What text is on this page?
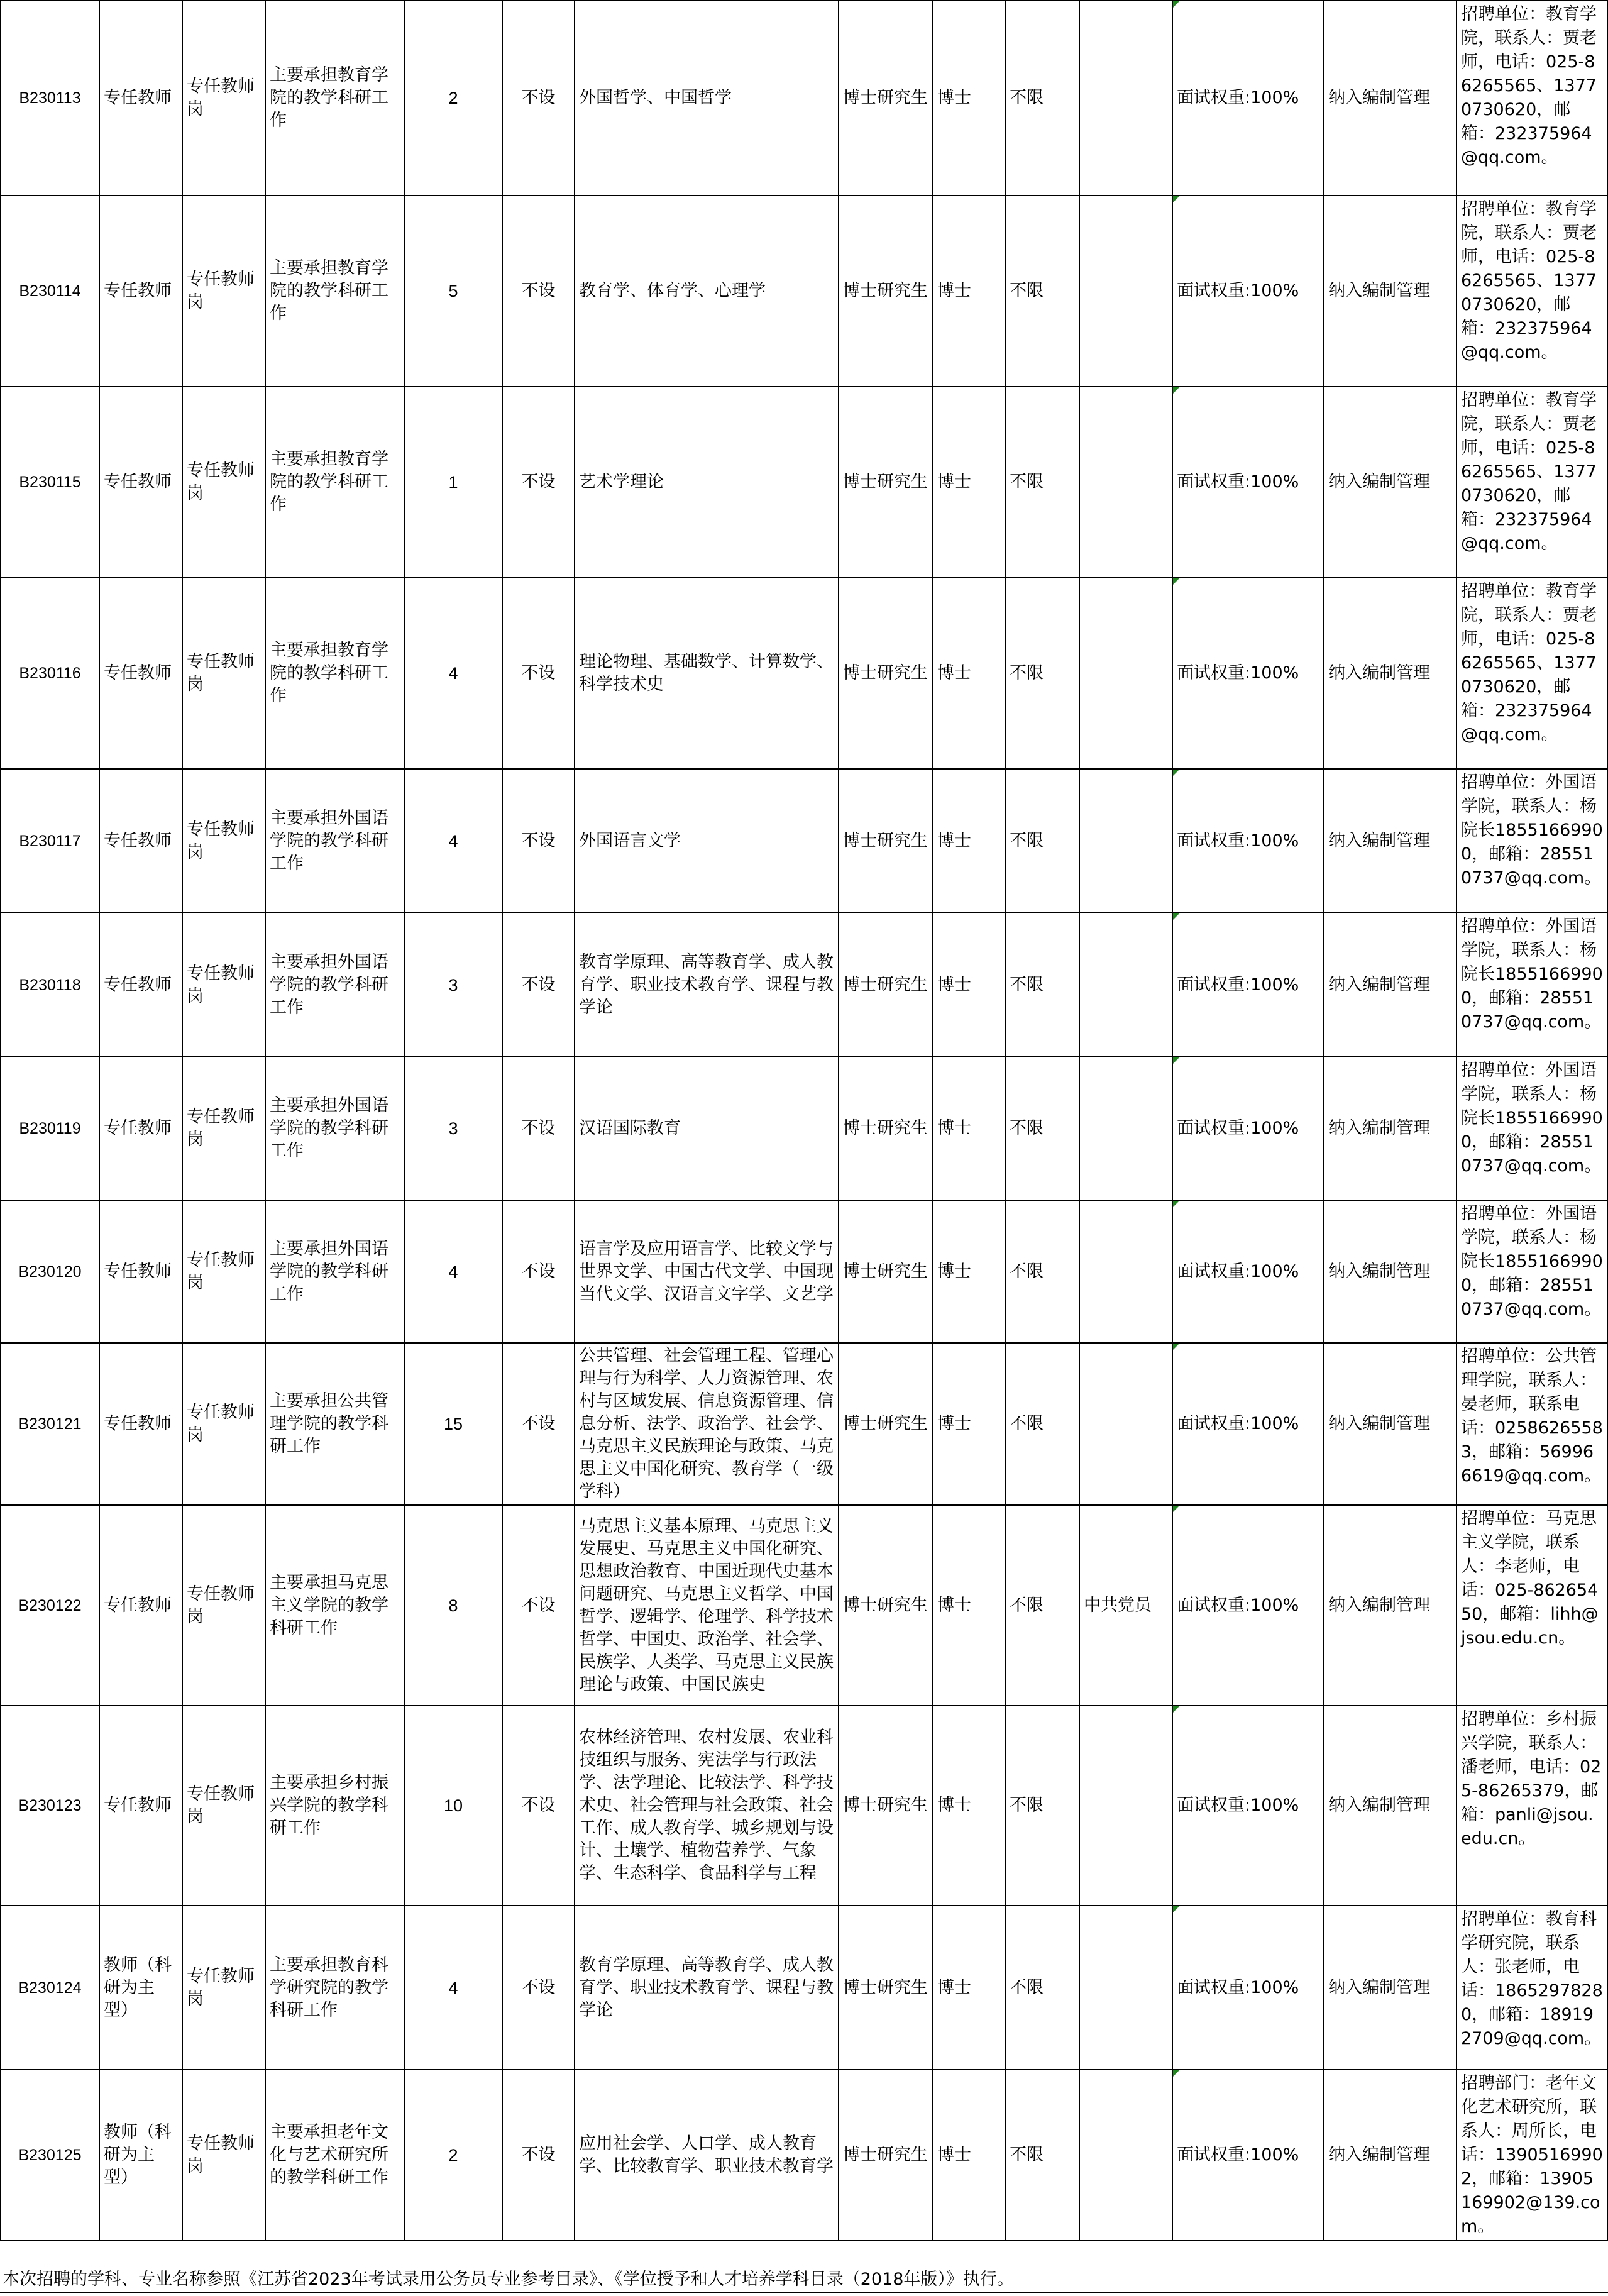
B230113	专任教师	专任教师岗	主要承担教育学院的教学科研工作	2	不设	外国哲学、中国哲学	博士研究生	博士	不限		面试权重:100%	纳入编制管理	招聘单位：教育学院，联系人：贾老师，电话：025-86265565、13770730620，邮箱：232375964@qq.com。
B230114	专任教师	专任教师岗	主要承担教育学院的教学科研工作	5	不设	教育学、体育学、心理学	博士研究生	博士	不限		面试权重:100%	纳入编制管理	招聘单位：教育学院，联系人：贾老师，电话：025-86265565、13770730620，邮箱：232375964@qq.com。
B230115	专任教师	专任教师岗	主要承担教育学院的教学科研工作	1	不设	艺术学理论	博士研究生	博士	不限		面试权重:100%	纳入编制管理	招聘单位：教育学院，联系人：贾老师，电话：025-86265565、13770730620，邮箱：232375964@qq.com。
B230116	专任教师	专任教师岗	主要承担教育学院的教学科研工作	4	不设	理论物理、基础数学、计算数学、科学技术史	博士研究生	博士	不限		面试权重:100%	纳入编制管理	招聘单位：教育学院，联系人：贾老师，电话：025-86265565、13770730620，邮箱：232375964@qq.com。
B230117	专任教师	专任教师岗	主要承担外国语学院的教学科研工作	4	不设	外国语言文学	博士研究生	博士	不限		面试权重:100%	纳入编制管理	招聘单位：外国语学院，联系人：杨院长18551669900，邮箱：285510737@qq.com。
B230118	专任教师	专任教师岗	主要承担外国语学院的教学科研工作	3	不设	教育学原理、高等教育学、成人教育学、职业技术教育学、课程与教学论	博士研究生	博士	不限		面试权重:100%	纳入编制管理	招聘单位：外国语学院，联系人：杨院长18551669900，邮箱：285510737@qq.com。
B230119	专任教师	专任教师岗	主要承担外国语学院的教学科研工作	3	不设	汉语国际教育	博士研究生	博士	不限		面试权重:100%	纳入编制管理	招聘单位：外国语学院，联系人：杨院长18551669900，邮箱：285510737@qq.com。
B230120	专任教师	专任教师岗	主要承担外国语学院的教学科研工作	4	不设	语言学及应用语言学、比较文学与世界文学、中国古代文学、中国现当代文学、汉语言文字学、文艺学	博士研究生	博士	不限		面试权重:100%	纳入编制管理	招聘单位：外国语学院，联系人：杨院长18551669900，邮箱：285510737@qq.com。
B230121	专任教师	专任教师岗	主要承担公共管理学院的教学科研工作	15	不设	公共管理、社会管理工程、管理心理与行为科学、人力资源管理、农村与区域发展、信息资源管理、信息分析、法学、政治学、社会学、马克思主义民族理论与政策、马克思主义中国化研究、教育学（一级学科）	博士研究生	博士	不限		面试权重:100%	纳入编制管理	招聘单位：公共管理学院，联系人：晏老师，联系电话：02586265583，邮箱：569966619@qq.com。
B230122	专任教师	专任教师岗	主要承担马克思主义学院的教学科研工作	8	不设	马克思主义基本原理、马克思主义发展史、马克思主义中国化研究、思想政治教育、中国近现代史基本问题研究、马克思主义哲学、中国哲学、逻辑学、伦理学、科学技术哲学、中国史、政治学、社会学、民族学、人类学、马克思主义民族理论与政策、中国民族史	博士研究生	博士	不限	中共党员	面试权重:100%	纳入编制管理	招聘单位：马克思主义学院，联系人：李老师，电话：025-86265450，邮箱：lihh@jsou.edu.cn。
B230123	专任教师	专任教师岗	主要承担乡村振兴学院的教学科研工作	10	不设	农林经济管理、农村发展、农业科技组织与服务、宪法学与行政法学、法学理论、比较法学、科学技术史、社会管理与社会政策、社会工作、成人教育学、城乡规划与设计、土壤学、植物营养学、气象学、生态科学、食品科学与工程	博士研究生	博士	不限		面试权重:100%	纳入编制管理	招聘单位：乡村振兴学院，联系人：潘老师，电话：025-86265379，邮箱：panli@jsou.edu.cn。
B230124	教师（科研为主型）	专任教师岗	主要承担教育科学研究院的教学科研工作	4	不设	教育学原理、高等教育学、成人教育学、职业技术教育学、课程与教学论	博士研究生	博士	不限		面试权重:100%	纳入编制管理	招聘单位：教育科学研究院，联系人：张老师，电话：18652978280，邮箱：189192709@qq.com。
B230125	教师（科研为主型）	专任教师岗	主要承担老年文化与艺术研究所的教学科研工作	2	不设	应用社会学、人口学、成人教育学、比较教育学、职业技术教育学	博士研究生	博士	不限		面试权重:100%	纳入编制管理	招聘部门：老年文化艺术研究所，联系人：周所长，电话：13905169902，邮箱：13905169902@139.com。
本次招聘的学科、专业名称参照《江苏省2023年考试录用公务员专业参考目录》、《学位授予和人才培养学科目录（2018年版）》执行。
